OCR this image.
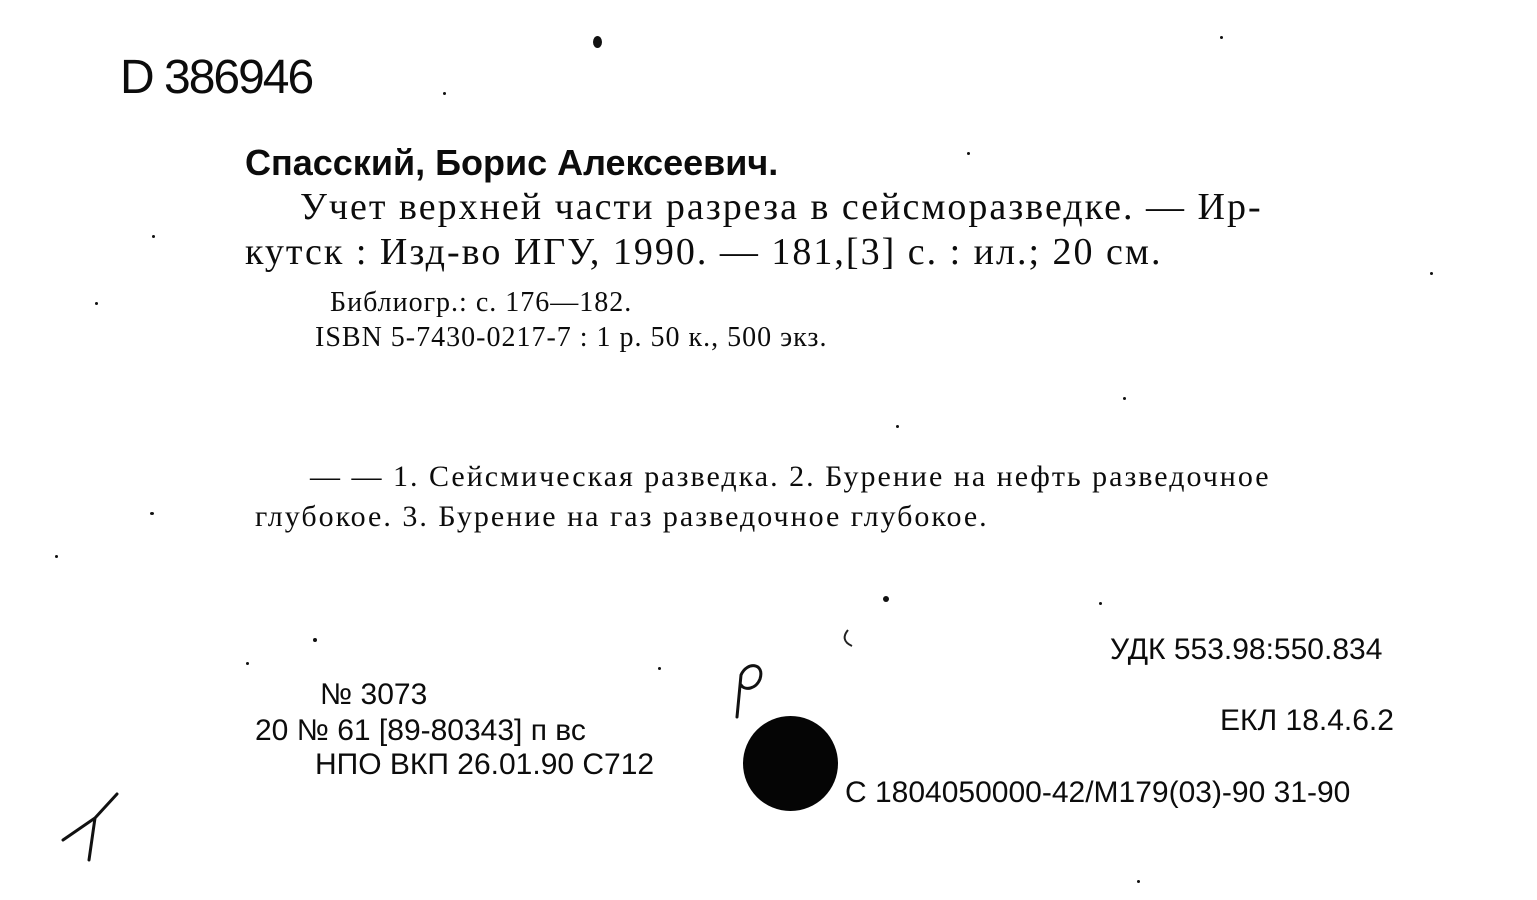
D 386946
Спасский, Борис Алексеевич.
Учет верхней части разреза в сейсморазведке. — Ир-
кутск : Изд-во ИГУ, 1990. — 181,[3] с. : ил.; 20 см.
Библиогр.: с. 176—182.
ISBN 5-7430-0217-7 : 1 р. 50 к., 500 экз.
— — 1. Сейсмическая разведка. 2. Бурение на нефть разведочное
глубокое. 3. Бурение на газ разведочное глубокое.
№ 3073
20 № 61 [89-80343] п вс
НПО ВКП 26.01.90 С712
УДК 553.98:550.834
ЕКЛ 18.4.6.2
С 1804050000-42/М179(03)-90 31-90
